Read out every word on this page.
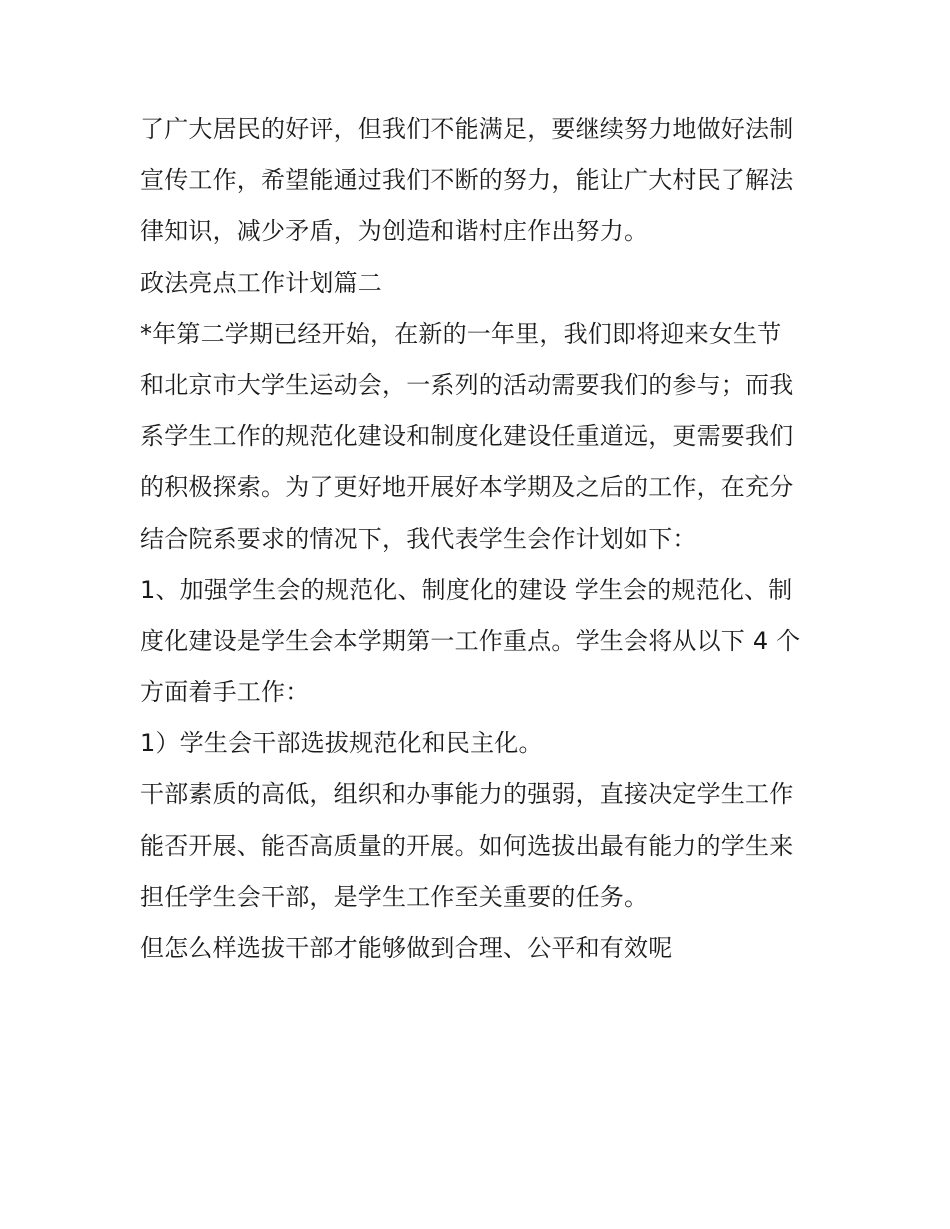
了广大居民的好评，但我们不能满足，要继续努力地做好法制
宣传工作，希望能通过我们不断的努力，能让广大村民了解法
律知识，减少矛盾，为创造和谐村庄作出努力。
政法亮点工作计划篇二
*年第二学期已经开始，在新的一年里，我们即将迎来女生节
和北京市大学生运动会，一系列的活动需要我们的参与；而我
系学生工作的规范化建设和制度化建设任重道远，更需要我们
的积极探索。为了更好地开展好本学期及之后的工作，在充分
结合院系要求的情况下，我代表学生会作计划如下：
1、加强学生会的规范化、制度化的建设 学生会的规范化、制
度化建设是学生会本学期第一工作重点。学生会将从以下 4 个
方面着手工作：
1）学生会干部选拔规范化和民主化。
干部素质的高低，组织和办事能力的强弱，直接决定学生工作
能否开展、能否高质量的开展。如何选拔出最有能力的学生来
担任学生会干部，是学生工作至关重要的任务。
但怎么样选拔干部才能够做到合理、公平和有效呢
